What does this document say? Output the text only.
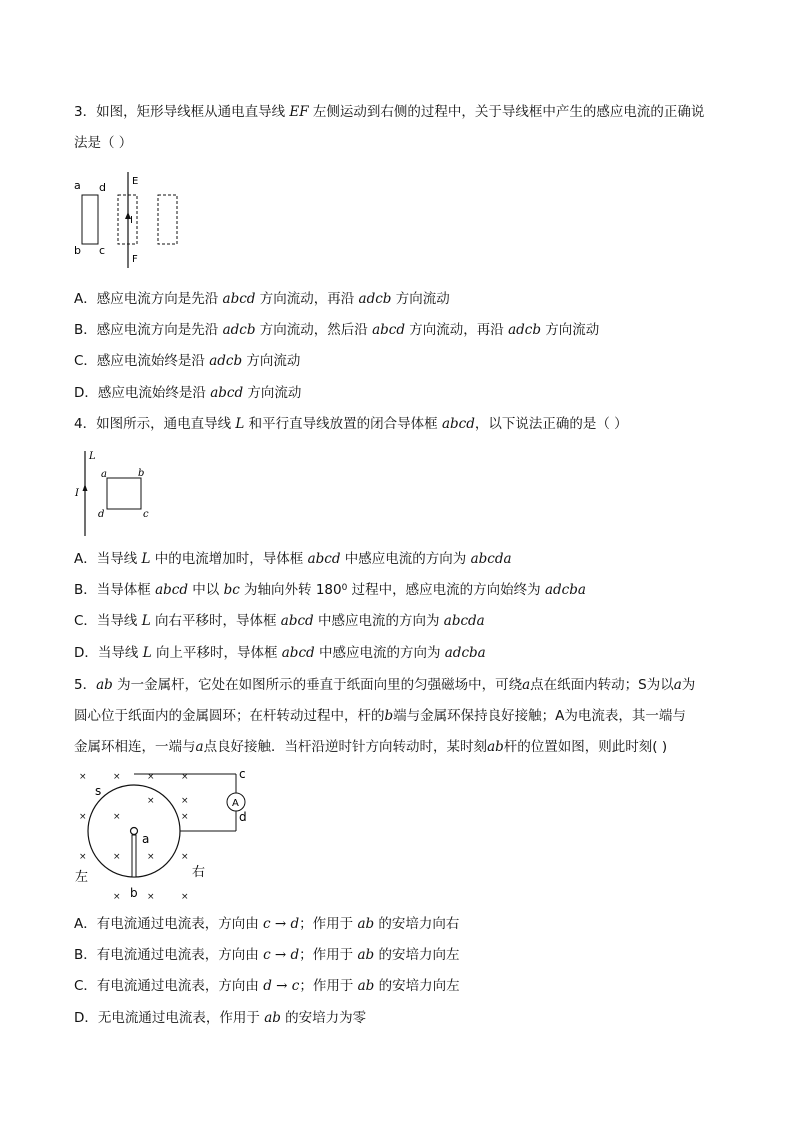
3．如图，矩形导线框从通电直导线 EF 左侧运动到右侧的过程中，关于导线框中产生的感应电流的正确说
法是（ ）
a d
b c
E
F
I
A．感应电流方向是先沿 abcd 方向流动，再沿 adcb 方向流动
B．感应电流方向是先沿 adcb 方向流动，然后沿 abcd 方向流动，再沿 adcb 方向流动
C．感应电流始终是沿 adcb 方向流动
D．感应电流始终是沿 abcd 方向流动
4．如图所示，通电直导线 L 和平行直导线放置的闭合导体框 abcd，以下说法正确的是（ ）
L
I
a	b
d	c
A．当导线 L 中的电流增加时，导体框 abcd 中感应电流的方向为 abcda
B．当导体框 abcd 中以 bc 为轴向外转 $180^0$ 过程中，感应电流的方向始终为 adcba
C．当导线 L 向右平移时，导体框 abcd 中感应电流的方向为 abcda
D．当导线 L 向上平移时，导体框 abcd 中感应电流的方向为 adcba
5．ab 为一金属杆，它处在如图所示的垂直于纸面向里的匀强磁场中，可绕a点在纸面内转动；S为以a为
圆心位于纸面内的金属圆环；在杆转动过程中，杆的b端与金属环保持良好接触；A为电流表，其一端与
金属环相连，一端与a点良好接触．当杆沿逆时针方向转动时，某时刻ab杆的位置如图，则此时刻( )
×	×	×	×
×	×
×	×	×
×	×	×	×
×	×	×
A
s
a
b
c
d
左	右
A．有电流通过电流表，方向由 c → d；作用于 ab 的安培力向右
B．有电流通过电流表，方向由 c → d；作用于 ab 的安培力向左
C．有电流通过电流表，方向由 d → c；作用于 ab 的安培力向左
D．无电流通过电流表，作用于 ab 的安培力为零
